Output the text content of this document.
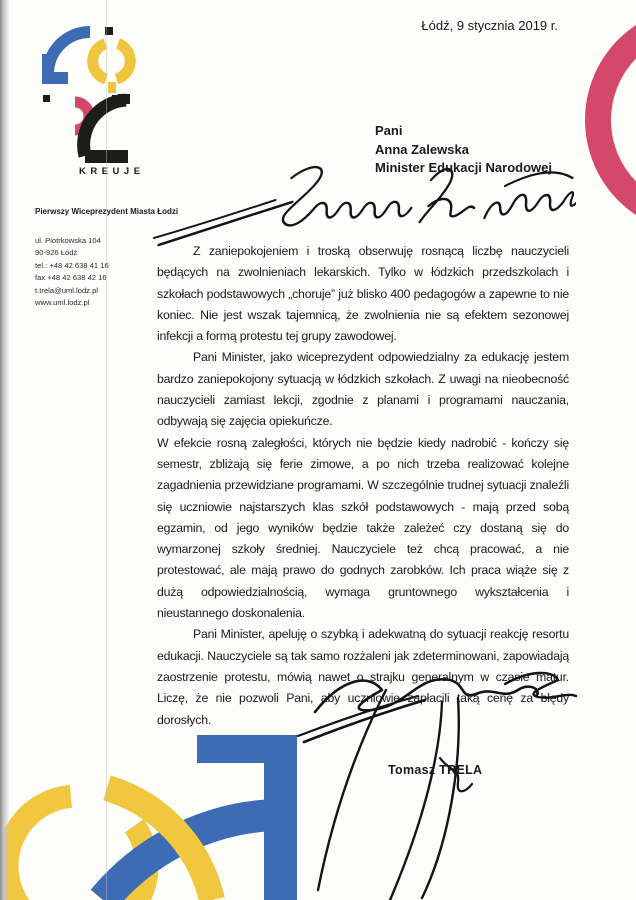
KREUJE
Łódź, 9 stycznia 2019 r.
Pierwszy Wiceprezydent Miasta Łodzi
ul. Piotrkowska 104
90-926 Łódź
tel.: +48 42 638 41 16
fax +48 42 638 42 16
t.trela@uml.lodz.pl
www.uml.lodz.pl
Pani
Anna Zalewska
Minister Edukacji Narodowej

Z zaniepokojeniem i troską obserwuję rosnącą liczbę nauczycieli będących na zwolnieniach lekarskich. Tylko w łódzkich przedszkolach i szkołach podstawowych „choruje” już blisko 400 pedagogów a zapewne to nie koniec. Nie jest wszak tajemnicą, że zwolnienia nie są efektem sezonowej infekcji a formą protestu tej grupy zawodowej.

Pani Minister, jako wiceprezydent odpowiedzialny za edukację jestem bardzo zaniepokojony sytuacją w łódzkich szkołach. Z uwagi na nieobecność nauczycieli zamiast lekcji, zgodnie z planami i programami nauczania, odbywają się zajęcia opiekuńcze.

W efekcie rosną zaległości, których nie będzie kiedy nadrobić - kończy się semestr, zbliżają się ferie zimowe, a po nich trzeba realizować kolejne zagadnienia przewidziane programami. W szczególnie trudnej sytuacji znaleźli się uczniowie najstarszych klas szkół podstawowych - mają przed sobą egzamin, od jego wyników będzie także zależeć czy dostaną się do wymarzonej szkoły średniej. Nauczyciele też chcą pracować, a nie protestować, ale mają prawo do godnych zarobków. Ich praca wiąże się z dużą odpowiedzialnością, wymaga gruntownego wykształcenia i nieustannego doskonalenia.

Pani Minister, apeluję o szybką i adekwatną do sytuacji reakcję resortu edukacji. Nauczyciele są tak samo rozżaleni jak zdeterminowani, zapowiadają zaostrzenie protestu, mówią nawet o strajku generalnym w czasie matur. Liczę, że nie pozwoli Pani, aby uczniowie zapłacili taką cenę za błędy dorosłych.

Tomasz TRELA
